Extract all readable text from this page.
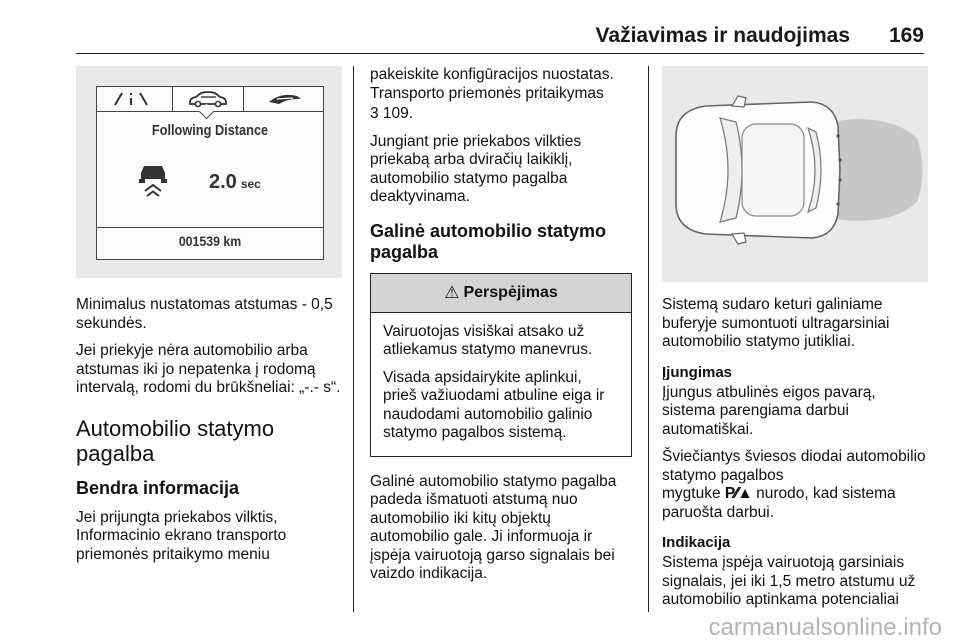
Važiavimas ir naudojimas 169
Following Distance
2.0 sec
001539 km

Minimalus nustatomas atstumas - 0,5 sekundės.

Jei priekyje nėra automobilio arba atstumas iki jo nepatenka į rodomą intervalą, rodomi du brūkšneliai: „-.- s“.

Automobilio statymo pagalba
Bendra informacija

Jei prijungta priekabos vilktis, Informacinio ekrano transporto priemonės pritaikymo meniu

pakeiskite konfigūracijos nuostatas. Transporto priemonės pritaikymas

3 109.

Jungiant prie priekabos vilkties priekabą arba dviračių laikiklį, automobilio statymo pagalba deaktyvinama.

Galinė automobilio statymo pagalba
⚠ Perspėjimas

Vairuotojas visiškai atsako už atliekamus statymo manevrus.

Visada apsidairykite aplinkui, prieš važiuodami atbuline eiga ir naudodami automobilio galinio statymo pagalbos sistemą.

Galinė automobilio statymo pagalba padeda išmatuoti atstumą nuo automobilio iki kitų objektų automobilio gale. Ji informuoja ir įspėja vairuotoją garso signalais bei vaizdo indikacija.

Sistemą sudaro keturi galiniame buferyje sumontuoti ultragarsiniai automobilio statymo jutikliai.

Įjungimas

Įjungus atbulinės eigos pavarą, sistema parengiama darbui automatiškai.

Šviečiantys šviesos diodai automobilio statymo pagalbos

mygtuke P⁄⁄▲ nurodo, kad sistema paruošta darbui.

Indikacija

Sistema įspėja vairuotoją garsiniais signalais, jei iki 1,5 metro atstumu už automobilio aptinkama potencialiai

carmanualsonline.info
